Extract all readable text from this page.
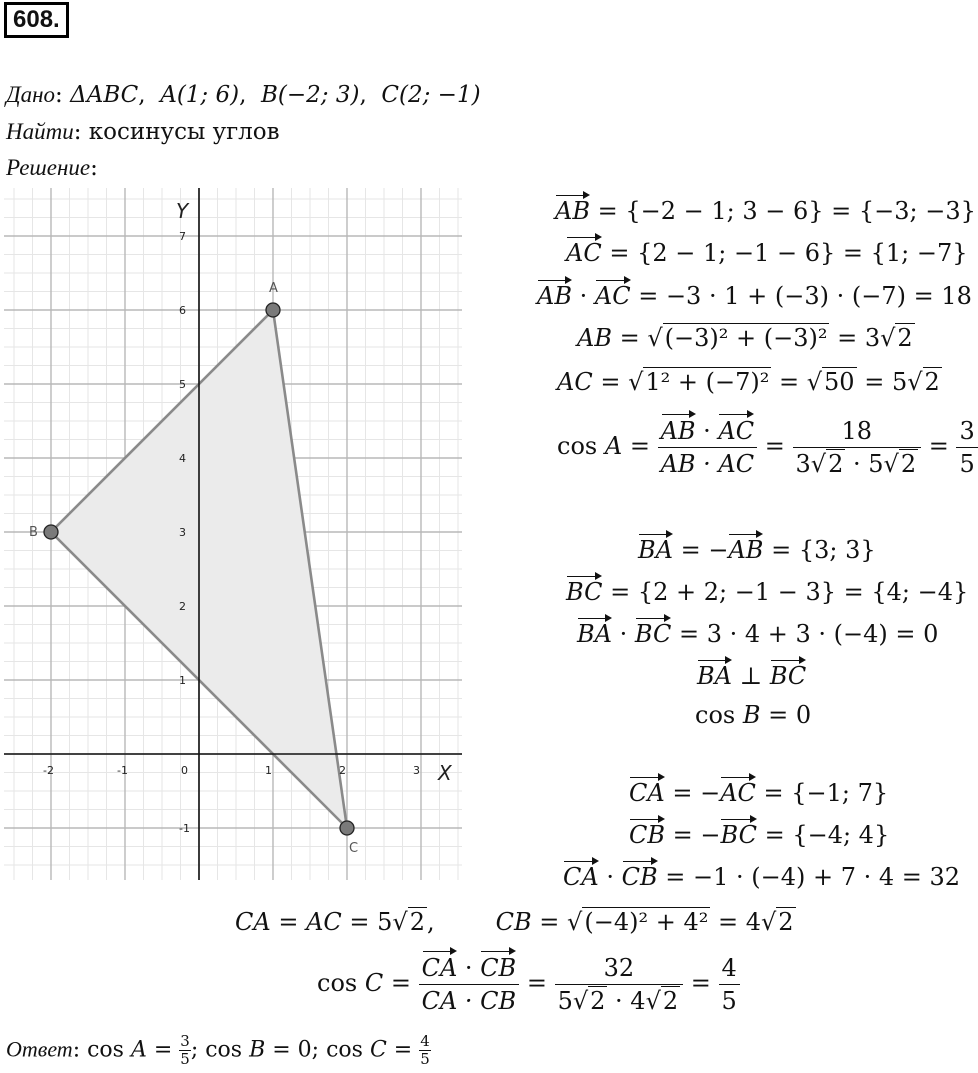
608.
Дано: ΔABC,  A(1; 6),  B(−2; 3),  C(2; −1)
Найти: косинусы углов
Решение:
X
Y
-2	-1	0	1	2	3
7
6
5
4
3
2
1
-1
A
B
C
AB = {−2 − 1; 3 − 6} = {−3; −3}
AC = {2 − 1; −1 − 6} = {1; −7}
AB · AC = −3 · 1 + (−3) · (−7) = 18
AB = √(−3)² + (−3)² = 3√2
AC = √1² + (−7)² = √50 = 5√2
$\cos A = \frac{AB \cdot AC}{AB \cdot AC} = \frac{18}{3√2 \cdot 5√2} = \frac{3}{5}$
BA = −AB = {3; 3}
BC = {2 + 2; −1 − 3} = {4; −4}
BA · BC = 3 · 4 + 3 · (−4) = 0
BA ⊥ BC
cos B = 0
CA = −AC = {−1; 7}
CB = −BC = {−4; 4}
CA · CB = −1 · (−4) + 7 · 4 = 32
CA = AC = 5√2,        CB = √(−4)² + 4² = 4√2
$\cos C = \frac{CA \cdot CB}{CA \cdot CB} = \frac{32}{5√2 \cdot 4√2} = \frac{4}{5}$
Ответ: $\cos A = \frac{3}{5}$ ; cos B = 0; $\cos C = \frac{4}{5}$
